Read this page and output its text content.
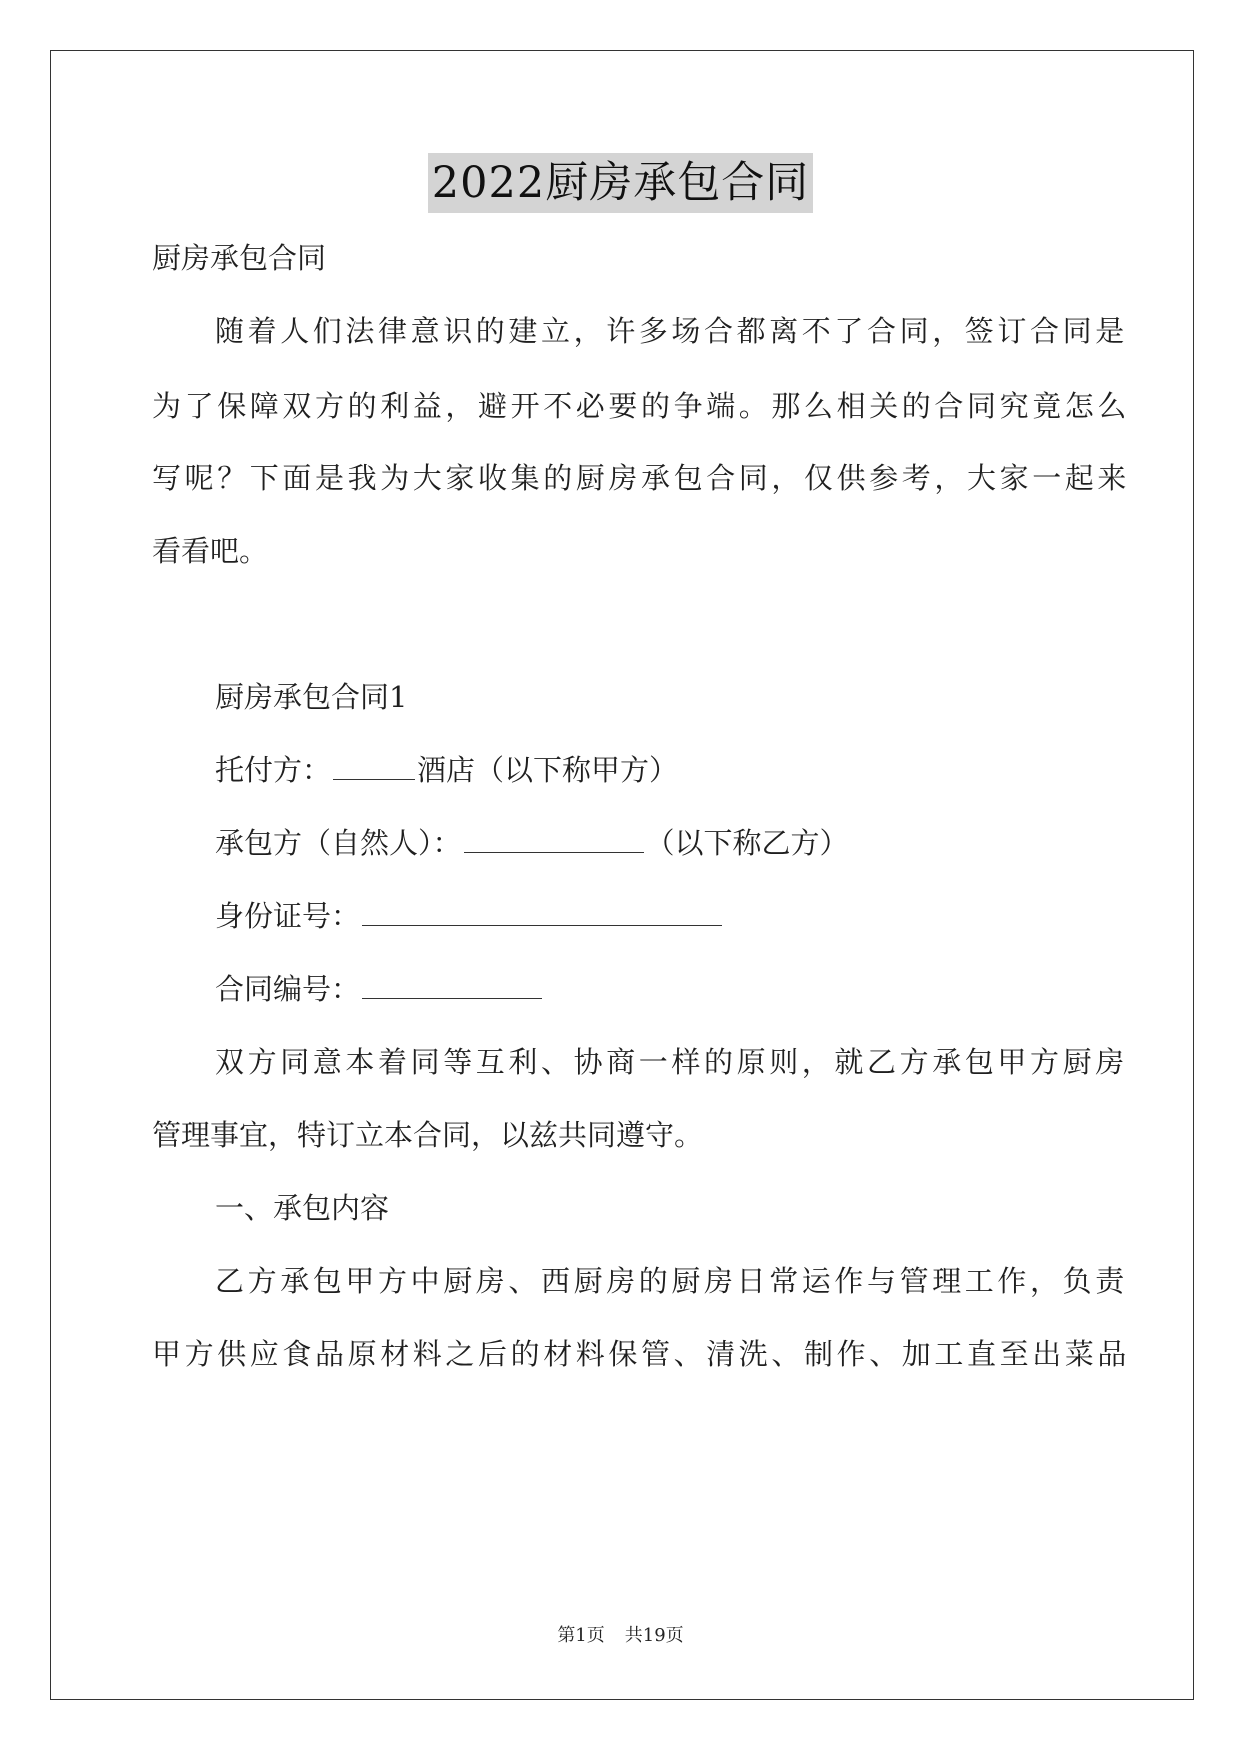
2022厨房承包合同
厨房承包合同
随着人们法律意识的建立，许多场合都离不了合同，签订合同是
为了保障双方的利益，避开不必要的争端。那么相关的合同究竟怎么
写呢？下面是我为大家收集的厨房承包合同，仅供参考，大家一起来
看看吧。
厨房承包合同1
托付方：	酒店（以下称甲方）
承包方（自然人）：	（以下称乙方）
身份证号：
合同编号：
双方同意本着同等互利、协商一样的原则，就乙方承包甲方厨房
管理事宜，特订立本合同，以兹共同遵守。
一、承包内容
乙方承包甲方中厨房、西厨房的厨房日常运作与管理工作，负责
甲方供应食品原材料之后的材料保管、清洗、制作、加工直至出菜品
第1页 共19页
